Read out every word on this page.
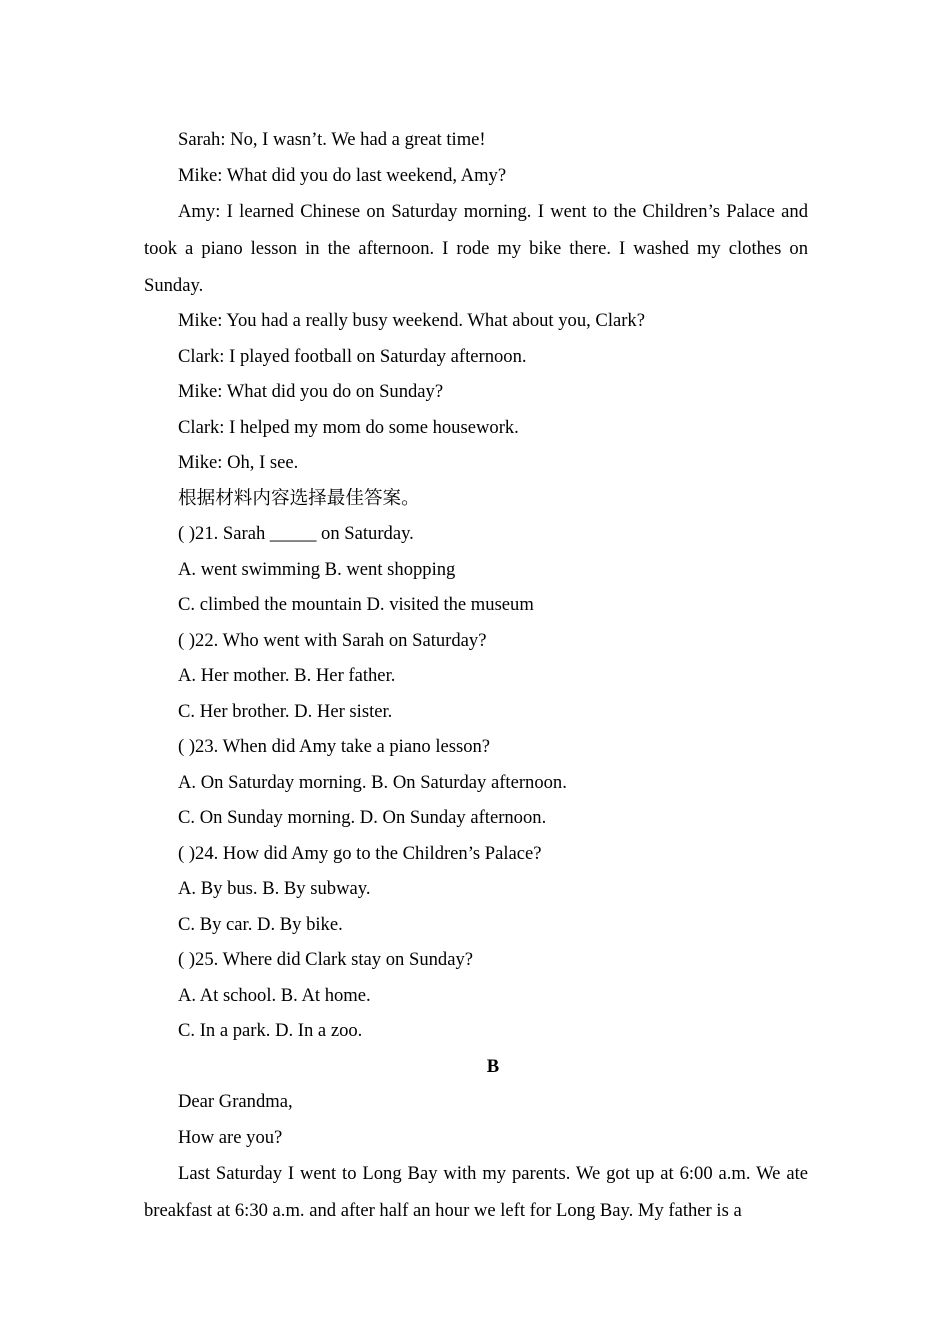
Sarah: No, I wasn’t. We had a great time!
Mike: What did you do last weekend, Amy?
Amy: I learned Chinese on Saturday morning. I went to the Children’s Palace and took a piano lesson in the afternoon. I rode my bike there. I washed my clothes on Sunday.
Mike: You had a really busy weekend. What about you, Clark?
Clark: I played football on Saturday afternoon.
Mike: What did you do on Sunday?
Clark: I helped my mom do some housework.
Mike: Oh, I see.
根据材料内容选择最佳答案。
( )21. Sarah _____ on Saturday.
A. went swimming B. went shopping
C. climbed the mountain D. visited the museum
( )22. Who went with Sarah on Saturday?
A. Her mother. B. Her father.
C. Her brother. D. Her sister.
( )23. When did Amy take a piano lesson?
A. On Saturday morning. B. On Saturday afternoon.
C. On Sunday morning. D. On Sunday afternoon.
( )24. How did Amy go to the Children’s Palace?
A. By bus. B. By subway.
C. By car. D. By bike.
( )25. Where did Clark stay on Sunday?
A. At school. B. At home.
C. In a park. D. In a zoo.
B
Dear Grandma,
How are you?
Last Saturday I went to Long Bay with my parents. We got up at 6:00 a.m. We ate breakfast at 6:30 a.m. and after half an hour we left for Long Bay. My father is a
